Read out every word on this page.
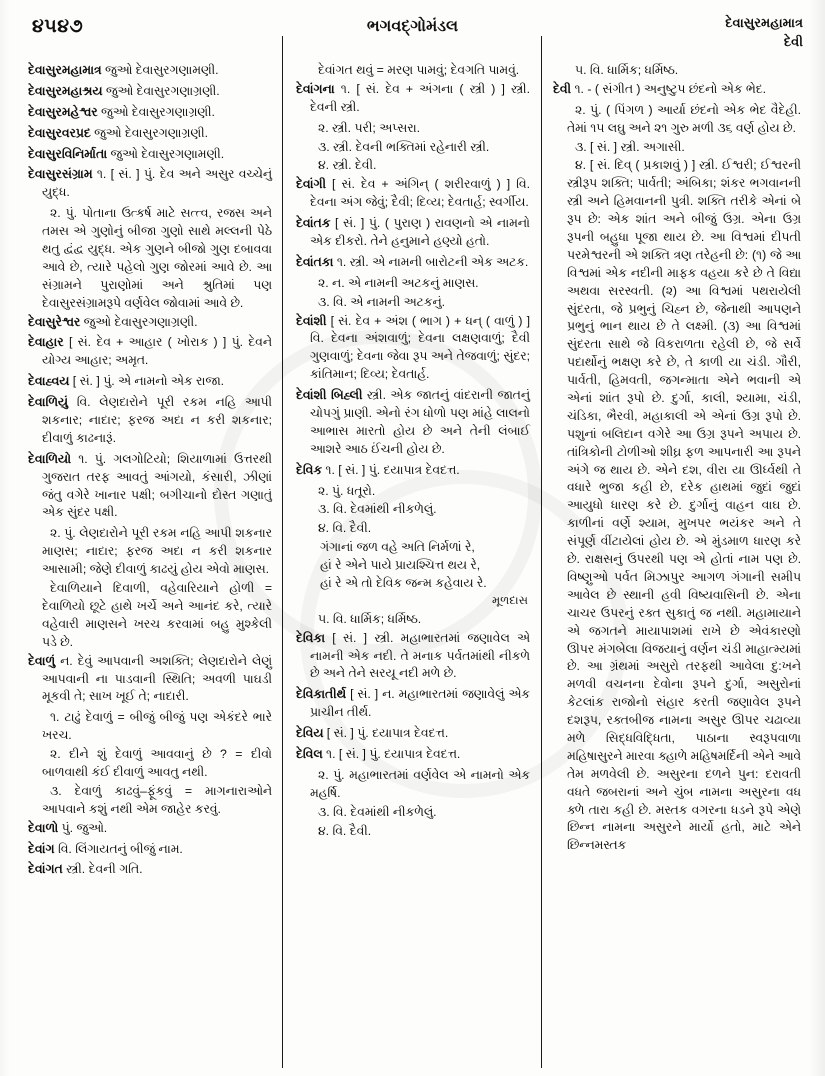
૪૫૪૭	ભગવદ્ગોમંડલ	દેવાસુરમહામાત્ર
દેવી

દેવાસુરમહામાત્ર જુઓ દેવાસુરગણામણી.

દેવાસુરમહાશ્રય જુઓ દેવાસુરગણાગ્રણી.

દેવાસુરમહેશ્વર જુઓ દેવાસુરગણાગ્રણી.

દેવાસુરવરપ્રદ જુઓ દેવાસુરગણાગ્રણી.

દેવાસુરવિનિર્માતા જુઓ દેવાસુરગણામણી.

દેવાસુરસંગ્રામ ૧. [ સં. ] પું. દેવ અને અસુર વચ્ચેનું યુદ્ધ.

૨. પું. પોતાના ઉત્કર્ષ માટે સત્ત્વ, રજસ અને તમસ એ ગુણોનું બીજા ગુણો સાથે મલ્લની પેઠે થતુ દ્વંદ્વ યુદ્ધ. એક ગુણને બીજો ગુણ દબાવવા આવે છે, ત્યારે પહેલો ગુણ જોરમાં આવે છે. આ સંગ્રામને પુરાણોમાં અને શ્રુતિમાં પણ દેવાસુરસંગ્રામરૂપે વર્ણવેલ જોવામાં આવે છે.

દેવાસુરેશ્વર જુઓ દેવાસુરગણાગ્રણી.

દેવાહાર [ સં. દેવ + આહાર ( ખોરાક ) ] પું. દેવને યોગ્ય આહાર; અમૃત.

દેવાહ્વય [ સં. ] પું. એ નામનો એક રાજા.

દેવાળિયું વિ. લેણદારોને પૂરી રકમ નહિ આપી શકનાર; નાદાર; ફરજ અદા ન કરી શકનાર; દીવાળું કાઢનારૂં.

દેવાળિયો ૧. પું. ગલગોટિયો; શિયાળામાં ઉત્તરથી ગુજરાત તરફ આવતું આંગયો, કંસારી, ઝીણાં જંતુ વગેરે ખાનાર પક્ષી; બગીચાનો દોસ્ત ગણાતું એક સુંદર પક્ષી.

૨. પું. લેણદારોને પૂરી રકમ નહિ આપી શકનાર માણસ; નાદાર; ફરજ અદા ન કરી શકનાર આસામી; જેણે દીવાળું કાઢયું હોય એવો માણસ.

દેવાળિયાને દિવાળી, વહેવારિયાને હોળી = દેવાળિયો છૂટે હાથે ખર્ચે અને આનંદ કરે, ત્યારે વહેવારી માણસને ખરચ કરવામાં બહુ મુશ્કેલી પડે છે.

દેવાળું ન. દેવું આપવાની અશક્તિ; લેણદારોને લેણું આપવાની ના પાડવાની સ્થિતિ; અવળી પાઘડી મૂકવી તે; સાખ ખૂઈ તે; નાદારી.

૧. ટાઢું દેવાળું = બીજું બીજું પણ એકંદરે ભારે ખરચ.

૨. દીને શું દેવાળું આવવાનું છે ? = દીવો બાળવાથી કંઈ દીવાળું આવતુ નથી.

૩. દેવાળું કાઢવું–ફૂંકવું = માગનારાઓને આપવાને કશું નથી એમ જાહેર કરવું.

દેવાળો પું. જુઓ.

દેવાંગ વિ. લિંગાયતનું બીજું નામ.

દેવાંગત સ્ત્રી. દેવની ગતિ.

દેવાંગત થવું = મરણ પામવું; દેવગતિ પામવું.

દેવાંગના ૧. [ સં. દેવ + અંગના ( સ્ત્રી ) ] સ્ત્રી. દેવની સ્ત્રી.

૨. સ્ત્રી. પરી; અપ્સરા.

૩. સ્ત્રી. દેવની ભક્તિમાં રહેનારી સ્ત્રી.

૪. સ્ત્રી. દેવી.

દેવાંગી [ સં. દેવ + અંગિન્ ( શરીરવાળું ) ] વિ. દેવના અંગ જેવું; દૈવી; દિવ્ય; દેવતાર્હ; સ્વર્ગીય.

દેવાંતક [ સં. ] પું. ( પુરાણ ) રાવણનો એ નામનો એક દીકરો. તેને હનુમાને હણ્યો હતો.

દેવાંતકા ૧. સ્ત્રી. એ નામની બારોટની એક અટક.

૨. ન. એ નામની અટકનું માણસ.

૩. વિ. એ નામની અટકનું.

દેવાંશી [ સં. દેવ + અંશ ( ભાગ ) + ધન્ ( વાળું ) ] વિ. દેવના અંશવાળું; દેવના લક્ષણવાળું; દૈવી ગુણવાળું; દેવના જેવા રૂપ અને તેજવાળું; સુંદર; કાંતિમાન; દિવ્ય; દેવતાર્હ.

દેવાંશી બિહ્લી સ્ત્રી. એક જાતનું વાંદરાની જાતનું ચોપગું પ્રાણી. એનો રંગ ધોળો પણ માંહે લાલનો આભાસ મારતો હોય છે અને તેની લંબાઈ આશરે આઠ ઈંચની હોય છે.

દેવિક ૧. [ સં. ] પું. દયાપાત્ર દેવદત્ત.

૨. પું. ધતૂરો.

૩. વિ. દેવમાંથી નીકળેલું.

૪. વિ. દૈવી.

ગંગાનાં જળ વહે અતિ નિર્મળાં રે,

હાં રે એને પાયે પ્રાયશ્ચિત્ત થય રે,

હાં રે એ તો દેવિક જન્મ કહેવાય રે.

મૂળદાસ

૫. વિ. ધાર્મિક; ધર્મિષ્ઠ.

દેવિકા [ સં. ] સ્ત્રી. મહાભારતમાં જણાવેલ એ નામની એક નદી. તે મનાક પર્વતમાંથી નીકળે છે અને તેને સરયૂ નદી મળે છે.

દેવિકાતીર્થ [ સં. ] ન. મહાભારતમાં જણાવેલું એક પ્રાચીન તીર્થ.

દેવિય [ સં. ] પું. દયાપાત્ર દેવદત્ત.

દેવિલ ૧. [ સં. ] પું. દયાપાત્ર દેવદત્ત.

૨. પું. મહાભારતમાં વર્ણવેલ એ નામનો એક મહર્ષિ.

૩. વિ. દેવમાંથી નીકળેલું.

૪. વિ. દૈવી.

૫. વિ. ધાર્મિક; ધર્મિષ્ઠ.

દેવી ૧. ‑ ( સંગીત ) અનુષ્ટુપ છંદનો એક ભેદ.

૨. પું. ( પિંગળ ) આર્યા છંદનો એક ભેદ વૈદેહી. તેમાં ૧૫ લઘુ અને ૨૧ ગુરુ મળી ૩૬ વર્ણ હોય છે.

૩. [ સં. ] સ્ત્રી. અગાસી.

૪. [ સં. દિવ્ ( પ્રકાશવું ) ] સ્ત્રી. ઈશ્વરી; ઈશ્વરની સ્ત્રીરૂપ શક્તિ; પાર્વતી; અંબિકા; શંકર ભગવાનની સ્ત્રી અને હિમવાનની પુત્રી. શક્તિ તરીકે એનાં બે રૂપ છે: એક શાંત અને બીજું ઉગ્ર. એના ઉગ્ર રૂપની બહુધા પૂજા થાય છે. આ વિશ્વમાં દીપતી પરમેશ્વરની એ શક્તિ ત્રણ તરેહની છે: (૧) જે આ વિશ્વમાં એક નદીની માફક વહયા કરે છે તે વિદ્યા અથવા સરસ્વતી. (૨) આ વિશ્વમાં પથરાયેલી સુંદરતા, જે પ્રભુનું ચિહ્ન છે, જેનાથી આપણને પ્રભુનું ભાન થાય છે તે લક્ષ્મી. (૩) આ વિશ્વમાં સુંદરતા સાથે જે વિકરાળતા રહેલી છે, જે સર્વે પદાર્થોનું ભક્ષણ કરે છે, તે કાળી યા ચંડી. ગૌરી, પાર્વતી, હિમવતી, જગન્માતા એને ભવાની એ એનાં શાંત રૂપો છે. દુર્ગા, કાલી, શ્યામા, ચંડી, ચંડિકા, ભૈરવી, મહાકાલી એ એનાં ઉગ્ર રૂપો છે. પશુનાં બલિદાન વગેરે આ ઉગ્ર રૂપને અપાય છે. તાંત્રિકોની ટોળીઓ શીઘ્ર ફળ આપનારી આ રૂપને અંગે જ થાય છે. એને દશ, વીરા યા ઊર્ધ્વથી તે વધારે ભુજા કહી છે, દરેક હાથમાં જુદાં જુદાં આયુધો ધારણ કરે છે. દુર્ગાનું વાહન વાઘ છે. કાળીનાં વર્ણે શ્યામ, મુખપર ભયંકર અને તે સંપૂર્ણ વીંટાયેલાં હોય છે. એ મુંડમાળ ધારણ કરે છે. રાક્ષસનું ઉપરથી પણ એ હોતાં નામ પણ છે. વિષ્ણુઓ પર્વત મિઝાપુર આગળ ગંગાની સમીપ આવેલ છે સ્થાની હવી વિષ્યવાસિની છે. એના ચાચર ઉપરનું રક્ત સુકાતું જ નથી. મહામાયાને એ જગતને માયાપાશમાં રાખે છે એવંકારણો ઊપર મંગબેલા વિજયાનું વર્ણન ચંડી માહાત્મ્યમાં છે. આ ગ્રંથમાં અસુરો તરફથી આવેલા દુ:ખને મળવી વચનના દેવોના રૂપને દુર્ગા, અસુરોનાં કેટલાંક રાજોનો સંહાર કરતી જણાવેલ રૂપને દશરૂપ, રક્તબીજ નામના અસુર ઊપર ચઢાવ્યા મળે સિદ્ધવિદ્ધિતા, પાઠાના સ્વરૂપવાળા મહિષાસુરને મારવા ક્હાળે મહિષમર્દિની એને આવે તેમ મળવેલી છે. અસુરના દળને પુન: દરાવતી વધતે જબરાનાં અને ચુંબ નામના અસુરના વધ ક્ળે તારા કહી છે. મસ્તક વગરના ધડને રૂપે એણે છિન્ન નામના અસુરને માર્યો હતો, માટે એને છિન્નમસ્તક
